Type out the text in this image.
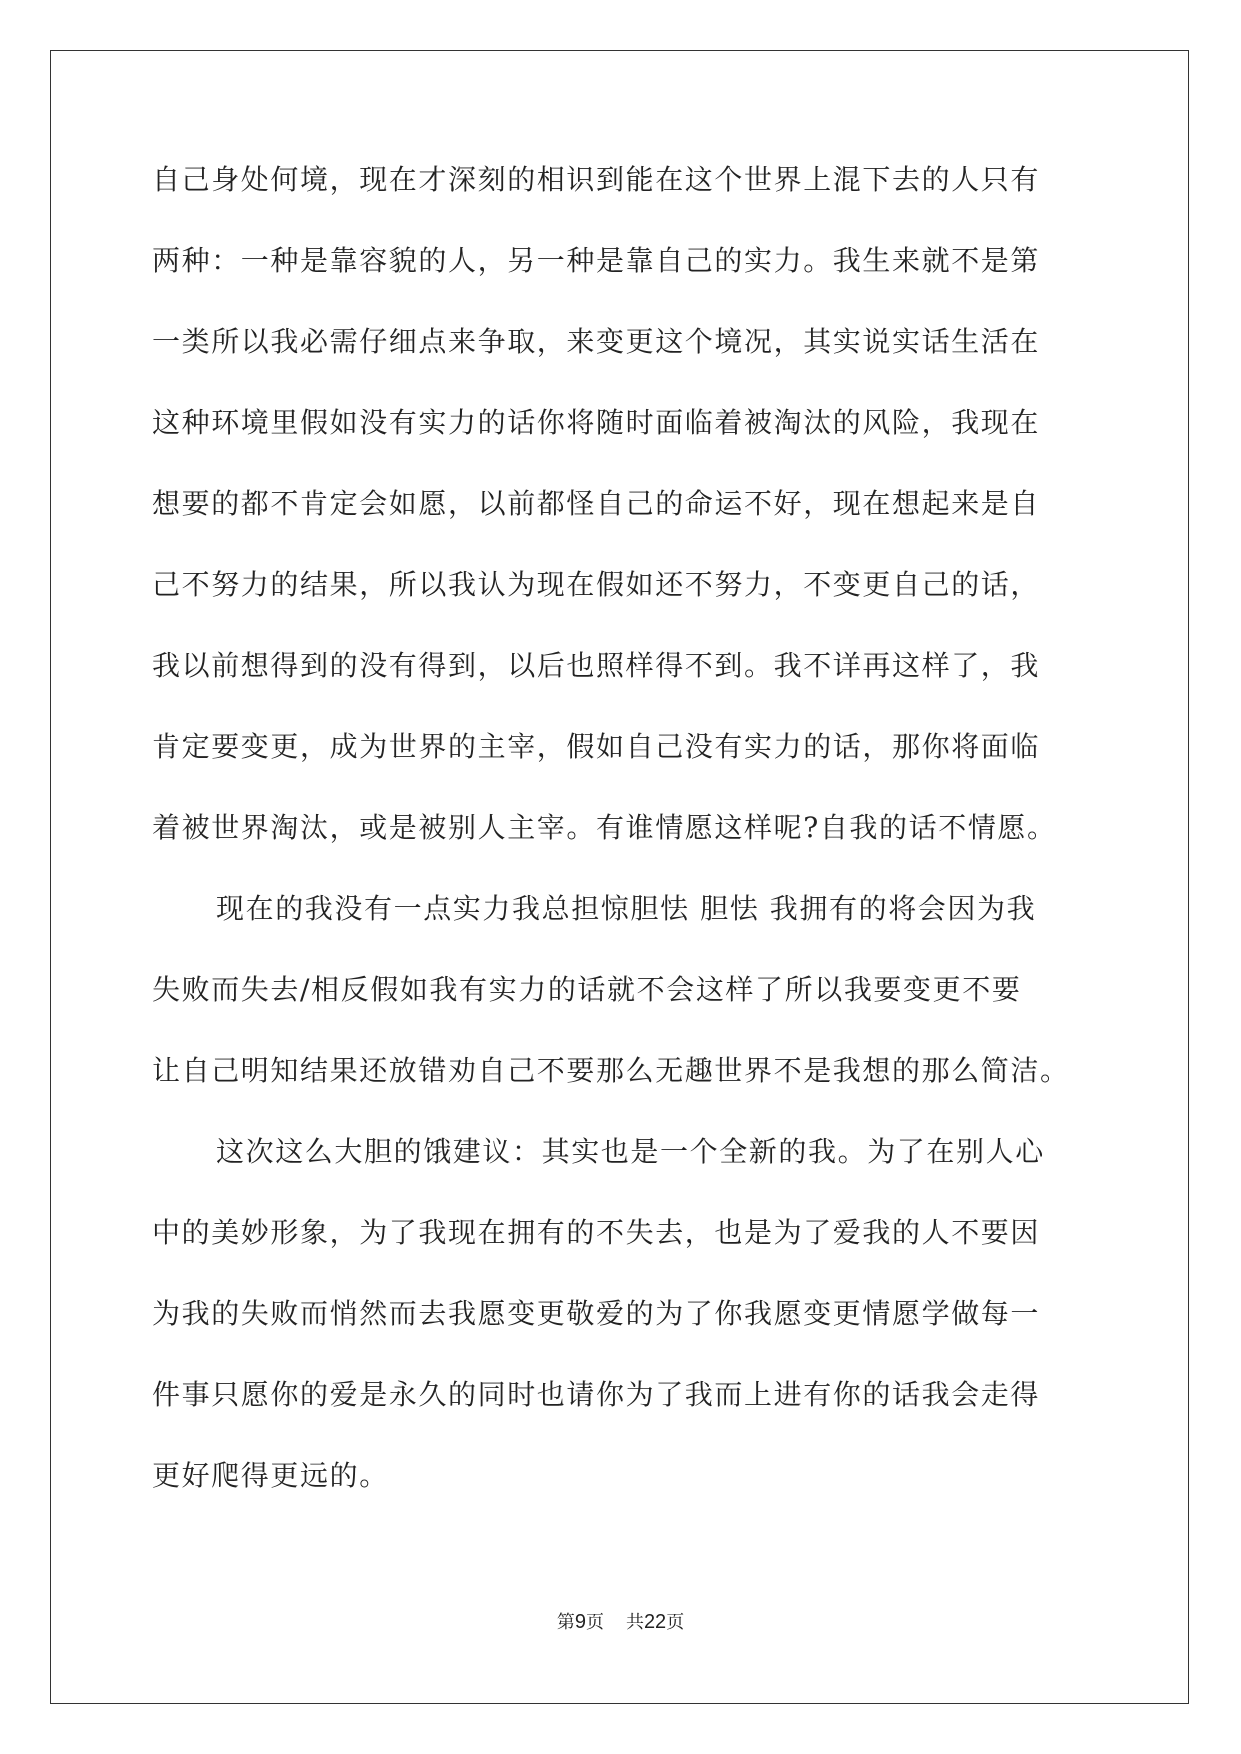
自己身处何境，现在才深刻的相识到能在这个世界上混下去的人只有
两种：一种是靠容貌的人，另一种是靠自己的实力。我生来就不是第
一类所以我必需仔细点来争取，来变更这个境况，其实说实话生活在
这种环境里假如没有实力的话你将随时面临着被淘汰的风险，我现在
想要的都不肯定会如愿，以前都怪自己的命运不好，现在想起来是自
己不努力的结果，所以我认为现在假如还不努力，不变更自己的话，
我以前想得到的没有得到，以后也照样得不到。我不详再这样了，我
肯定要变更，成为世界的主宰，假如自己没有实力的话，那你将面临
着被世界淘汰，或是被别人主宰。有谁情愿这样呢?自我的话不情愿。
现在的我没有一点实力我总担惊胆怯 胆怯 我拥有的将会因为我
失败而失去/相反假如我有实力的话就不会这样了所以我要变更不要
让自己明知结果还放错劝自己不要那么无趣世界不是我想的那么简洁。
这次这么大胆的饿建议：其实也是一个全新的我。为了在别人心
中的美妙形象，为了我现在拥有的不失去，也是为了爱我的人不要因
为我的失败而悄然而去我愿变更敬爱的为了你我愿变更情愿学做每一
件事只愿你的爱是永久的同时也请你为了我而上进有你的话我会走得
更好爬得更远的。
第9页 共22页
